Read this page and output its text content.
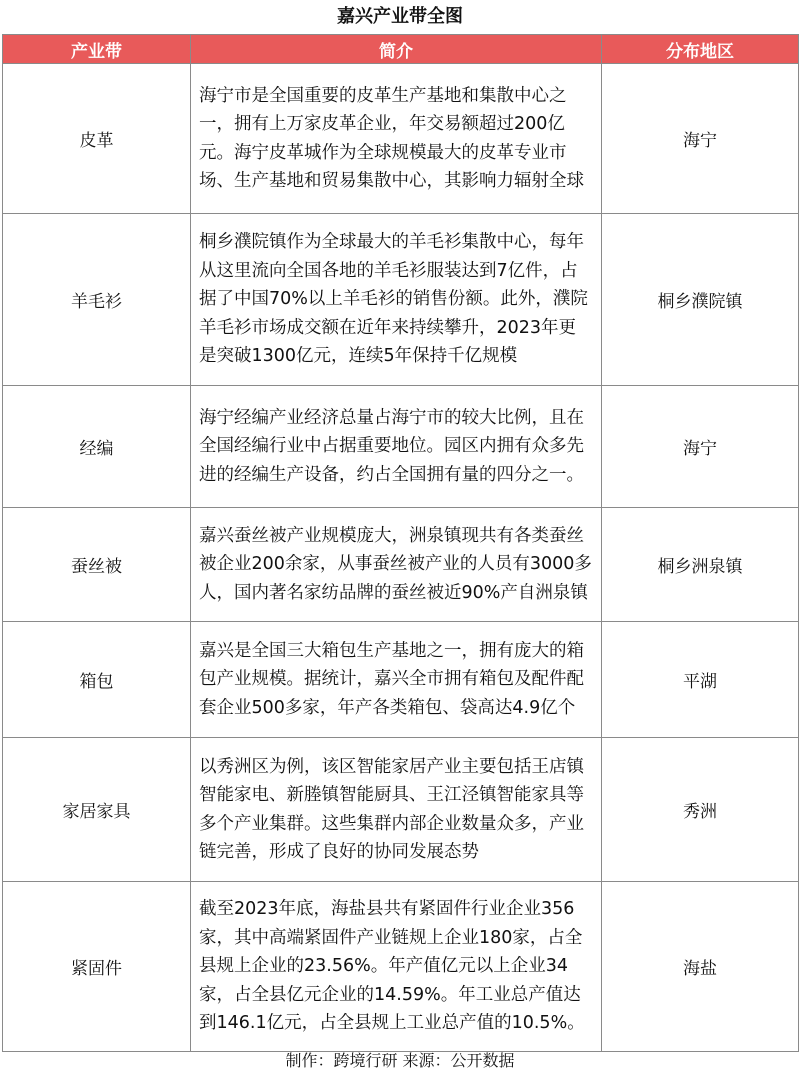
嘉兴产业带全图
产业带	简介	分布地区
皮革	海宁市是全国重要的皮革生产基地和集散中心之一，拥有上万家皮革企业，年交易额超过200亿元。海宁皮革城作为全球规模最大的皮革专业市场、生产基地和贸易集散中心，其影响力辐射全球	海宁
羊毛衫	桐乡濮院镇作为全球最大的羊毛衫集散中心，每年从这里流向全国各地的羊毛衫服装达到7亿件，占据了中国70%以上羊毛衫的销售份额。此外，濮院羊毛衫市场成交额在近年来持续攀升，2023年更是突破1300亿元，连续5年保持千亿规模	桐乡濮院镇
经编	海宁经编产业经济总量占海宁市的较大比例，且在全国经编行业中占据重要地位。园区内拥有众多先进的经编生产设备，约占全国拥有量的四分之一。	海宁
蚕丝被	嘉兴蚕丝被产业规模庞大，洲泉镇现共有各类蚕丝被企业200余家，从事蚕丝被产业的人员有3000多人，国内著名家纺品牌的蚕丝被近90%产自洲泉镇	桐乡洲泉镇
箱包	嘉兴是全国三大箱包生产基地之一，拥有庞大的箱包产业规模。据统计，嘉兴全市拥有箱包及配件配套企业500多家，年产各类箱包、袋高达4.9亿个	平湖
家居家具	以秀洲区为例，该区智能家居产业主要包括王店镇智能家电、新塍镇智能厨具、王江泾镇智能家具等多个产业集群。这些集群内部企业数量众多，产业链完善，形成了良好的协同发展态势	秀洲
紧固件	截至2023年底，海盐县共有紧固件行业企业356家，其中高端紧固件产业链规上企业180家，占全县规上企业的23.56%。年产值亿元以上企业34家，占全县亿元企业的14.59%。年工业总产值达到146.1亿元，占全县规上工业总产值的10.5%。	海盐
制作：跨境行研 来源：公开数据
